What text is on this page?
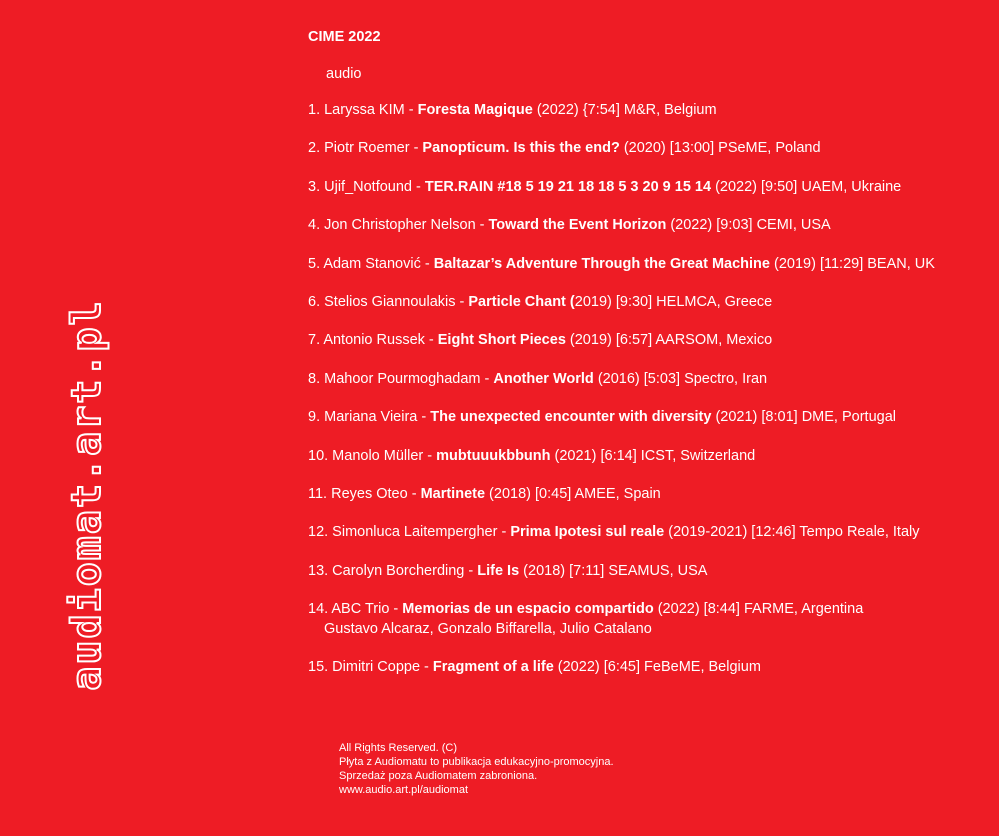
audiomat.art.pl
CIME 2022
audio
1. Laryssa KIM - Foresta Magique (2022) {7:54] M&R, Belgium
2. Piotr Roemer - Panopticum. Is this the end? (2020) [13:00] PSeME, Poland
3. Ujif_Notfound - TER.RAIN #18 5 19 21 18 18 5 3 20 9 15 14 (2022) [9:50] UAEM, Ukraine
4. Jon Christopher Nelson - Toward the Event Horizon (2022) [9:03] CEMI, USA
5. Adam Stanović - Baltazar’s Adventure Through the Great Machine (2019) [11:29] BEAN, UK
6. Stelios Giannoulakis - Particle Chant (2019) [9:30] HELMCA, Greece
7. Antonio Russek - Eight Short Pieces (2019) [6:57] AARSOM, Mexico
8. Mahoor Pourmoghadam - Another World (2016) [5:03] Spectro, Iran
9. Mariana Vieira - The unexpected encounter with diversity (2021) [8:01] DME, Portugal
10. Manolo Müller - mubtuuukbbunh (2021) [6:14] ICST, Switzerland
11. Reyes Oteo - Martinete (2018) [0:45] AMEE, Spain
12. Simonluca Laitempergher - Prima Ipotesi sul reale (2019-2021) [12:46] Tempo Reale, Italy
13. Carolyn Borcherding - Life Is (2018) [7:11] SEAMUS, USA
14. ABC Trio - Memorias de un espacio compartido (2022) [8:44] FARME, Argentina
Gustavo Alcaraz, Gonzalo Biffarella, Julio Catalano
15. Dimitri Coppe - Fragment of a life (2022) [6:45] FeBeME, Belgium
All Rights Reserved. (C)
Płyta z Audiomatu to publikacja edukacyjno-promocyjna.
Sprzedaż poza Audiomatem zabroniona.
www.audio.art.pl/audiomat
